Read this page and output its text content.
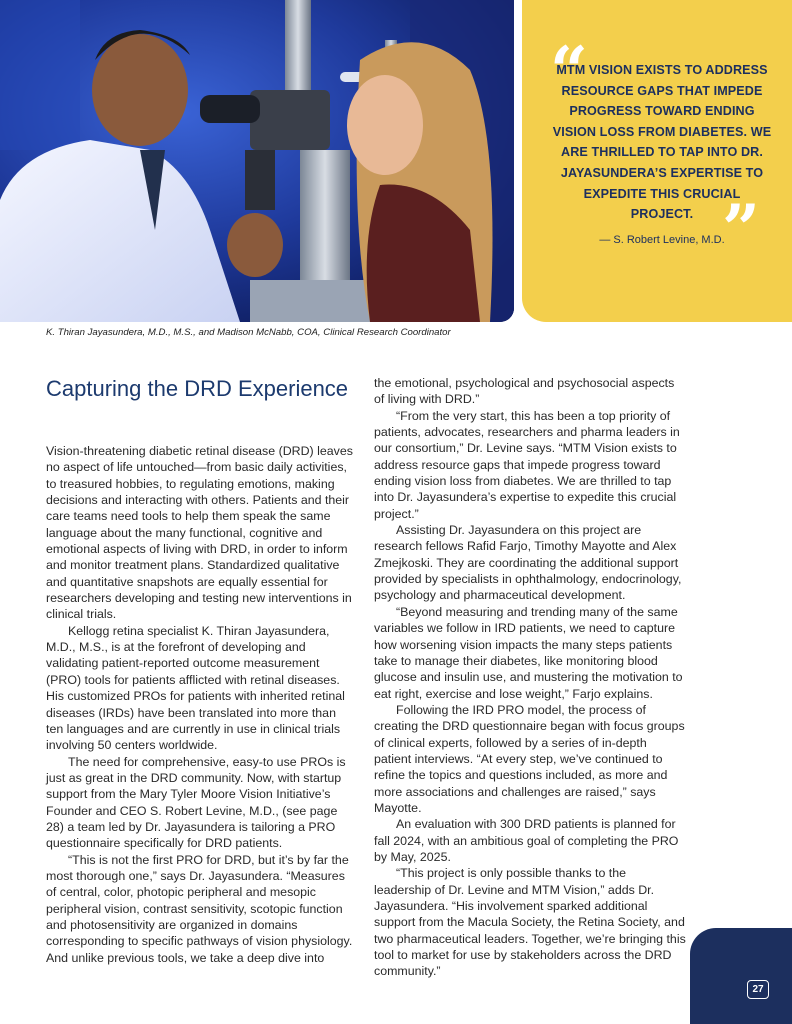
“
MTM VISION EXISTS TO ADDRESS RESOURCE GAPS THAT IMPEDE PROGRESS TOWARD ENDING VISION LOSS FROM DIABETES. WE ARE THRILLED TO TAP INTO DR. JAYASUNDERA’S EXPERTISE TO EXPEDITE THIS CRUCIAL PROJECT. ”
— S. Robert Levine, M.D.
K. Thiran Jayasundera, M.D., M.S., and Madison McNabb, COA, Clinical Research Coordinator
Capturing the DRD Experience

Vision-threatening diabetic retinal disease (DRD) leaves no aspect of life untouched—from basic daily activities, to treasured hobbies, to regulating emotions, making decisions and interacting with others. Patients and their care teams need tools to help them speak the same language about the many functional, cognitive and emotional aspects of living with DRD, in order to inform and monitor treatment plans. Standardized qualitative and quantitative snapshots are equally essential for researchers developing and testing new interventions in clinical trials.

Kellogg retina specialist K. Thiran Jayasundera, M.D., M.S., is at the forefront of developing and validating patient-reported outcome measurement (PRO) tools for patients afflicted with retinal diseases. His customized PROs for patients with inherited retinal diseases (IRDs) have been translated into more than ten languages and are currently in use in clinical trials involving 50 centers worldwide.

The need for comprehensive, easy-to use PROs is just as great in the DRD community. Now, with startup support from the Mary Tyler Moore Vision Initiative’s Founder and CEO S. Robert Levine, M.D., (see page 28) a team led by Dr. Jayasundera is tailoring a PRO questionnaire specifically for DRD patients.

“This is not the first PRO for DRD, but it’s by far the most thorough one,” says Dr. Jayasundera. “Measures of central, color, photopic peripheral and mesopic peripheral vision, contrast sensitivity, scotopic function and photosensitivity are organized in domains corresponding to specific pathways of vision physiology. And unlike previous tools, we take a deep dive into

the emotional, psychological and psychosocial aspects of living with DRD.”

“From the very start, this has been a top priority of patients, advocates, researchers and pharma leaders in our consortium,” Dr. Levine says. “MTM Vision exists to address resource gaps that impede progress toward ending vision loss from diabetes. We are thrilled to tap into Dr. Jayasundera’s expertise to expedite this crucial project.”

Assisting Dr. Jayasundera on this project are research fellows Rafid Farjo, Timothy Mayotte and Alex Zmejkoski. They are coordinating the additional support provided by specialists in ophthalmology, endocrinology, psychology and pharmaceutical development.

“Beyond measuring and trending many of the same variables we follow in IRD patients, we need to capture how worsening vision impacts the many steps patients take to manage their diabetes, like monitoring blood glucose and insulin use, and mustering the motivation to eat right, exercise and lose weight,” Farjo explains.

Following the IRD PRO model, the process of creating the DRD questionnaire began with focus groups of clinical experts, followed by a series of in-depth patient interviews. “At every step, we’ve continued to refine the topics and questions included, as more and more associations and challenges are raised,” says Mayotte.

An evaluation with 300 DRD patients is planned for fall 2024, with an ambitious goal of completing the PRO by May, 2025.

“This project is only possible thanks to the leadership of Dr. Levine and MTM Vision,” adds Dr. Jayasundera. “His involvement sparked additional support from the Macula Society, the Retina Society, and two pharmaceutical leaders. Together, we’re bringing this tool to market for use by stakeholders across the DRD community.”

27
